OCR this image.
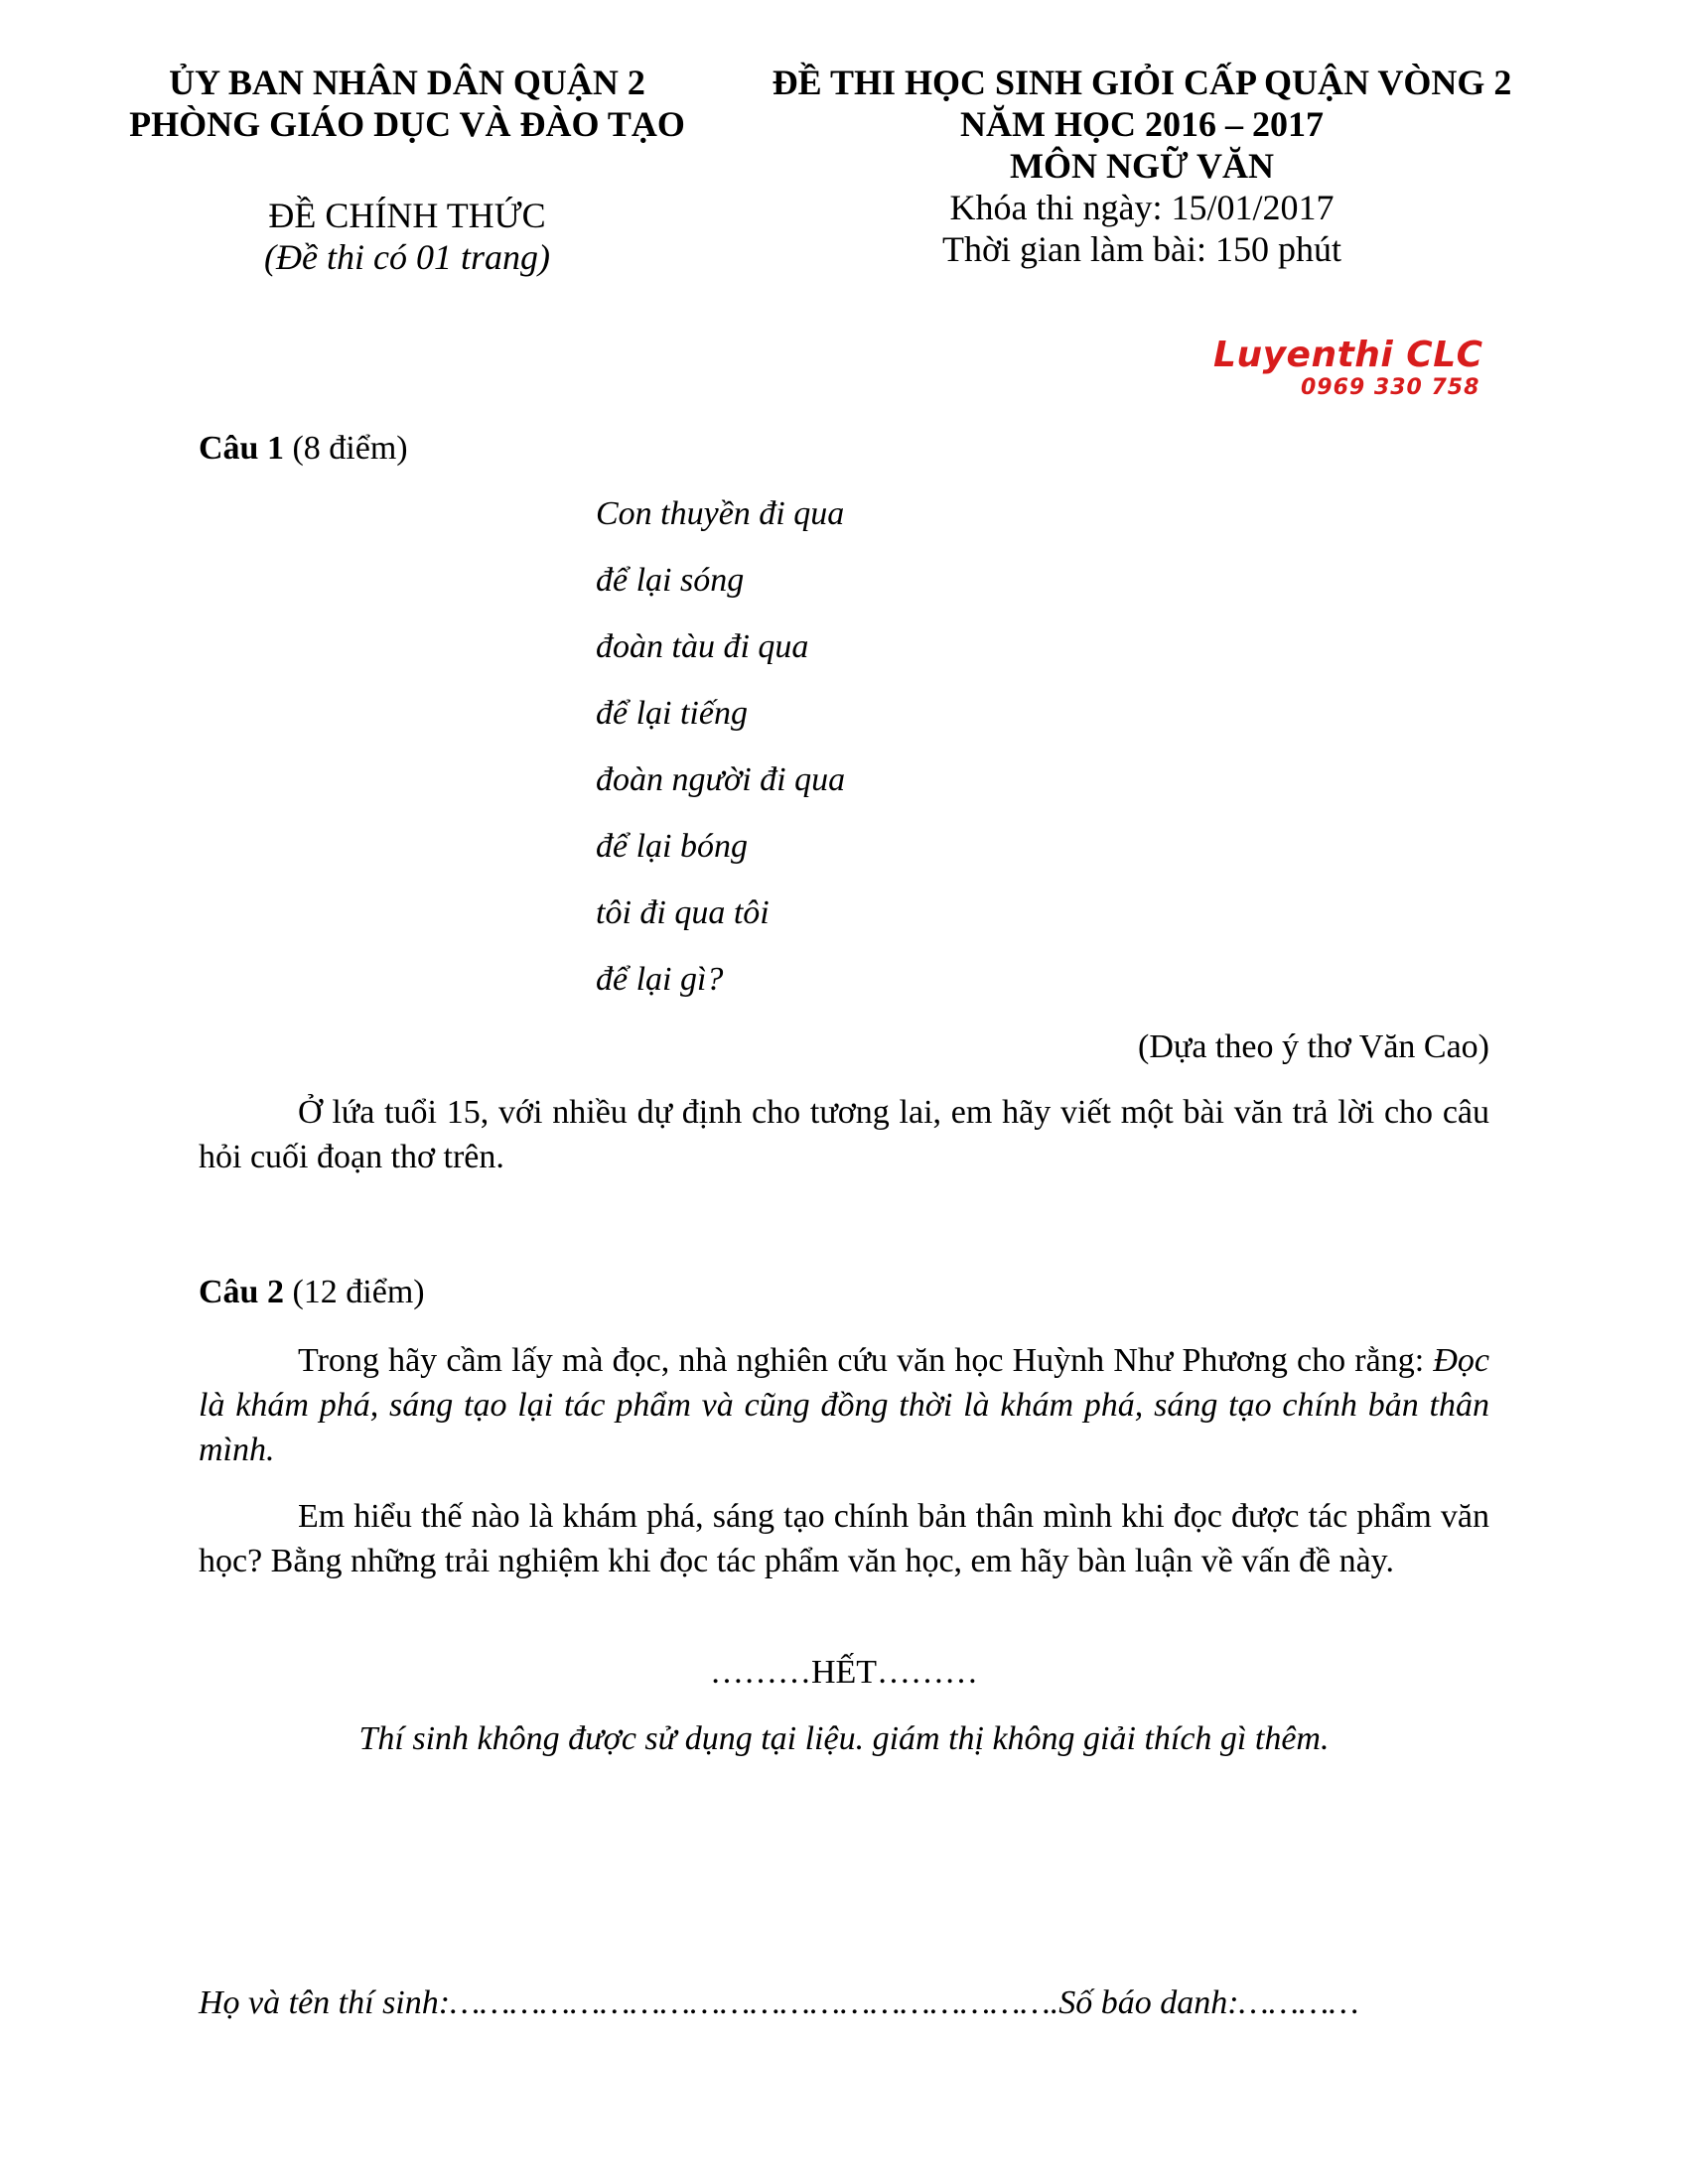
ỦY BAN NHÂN DÂN QUẬN 2
PHÒNG GIÁO DỤC VÀ ĐÀO TẠO
ĐỀ CHÍNH THỨC
(Đề thi có 01 trang)
ĐỀ THI HỌC SINH GIỎI CẤP QUẬN VÒNG 2
NĂM HỌC 2016 – 2017
MÔN NGỮ VĂN
Khóa thi ngày: 15/01/2017
Thời gian làm bài: 150 phút
Luyenthi CLC
0969 330 758
Câu 1 (8 điểm)
Con thuyền đi qua
để lại sóng
đoàn tàu đi qua
để lại tiếng
đoàn người đi qua
để lại bóng
tôi đi qua tôi
để lại gì?
(Dựa theo ý thơ Văn Cao)
Ở lứa tuổi 15, với nhiều dự định cho tương lai, em hãy viết một bài văn trả lời cho câu hỏi cuối đoạn thơ trên.
Câu 2 (12 điểm)
Trong hãy cầm lấy mà đọc, nhà nghiên cứu văn học Huỳnh Như Phương cho rằng: Đọc là khám phá, sáng tạo lại tác phẩm và cũng đồng thời là khám phá, sáng tạo chính bản thân mình.
Em hiểu thế nào là khám phá, sáng tạo chính bản thân mình khi đọc được tác phẩm văn học? Bằng những trải nghiệm khi đọc tác phẩm văn học, em hãy bàn luận về vấn đề này.
………HẾT………
Thí sinh không được sử dụng tại liệu. giám thị không giải thích gì thêm.
Họ và tên thí sinh:…………………………………………………….Số báo danh:…………
